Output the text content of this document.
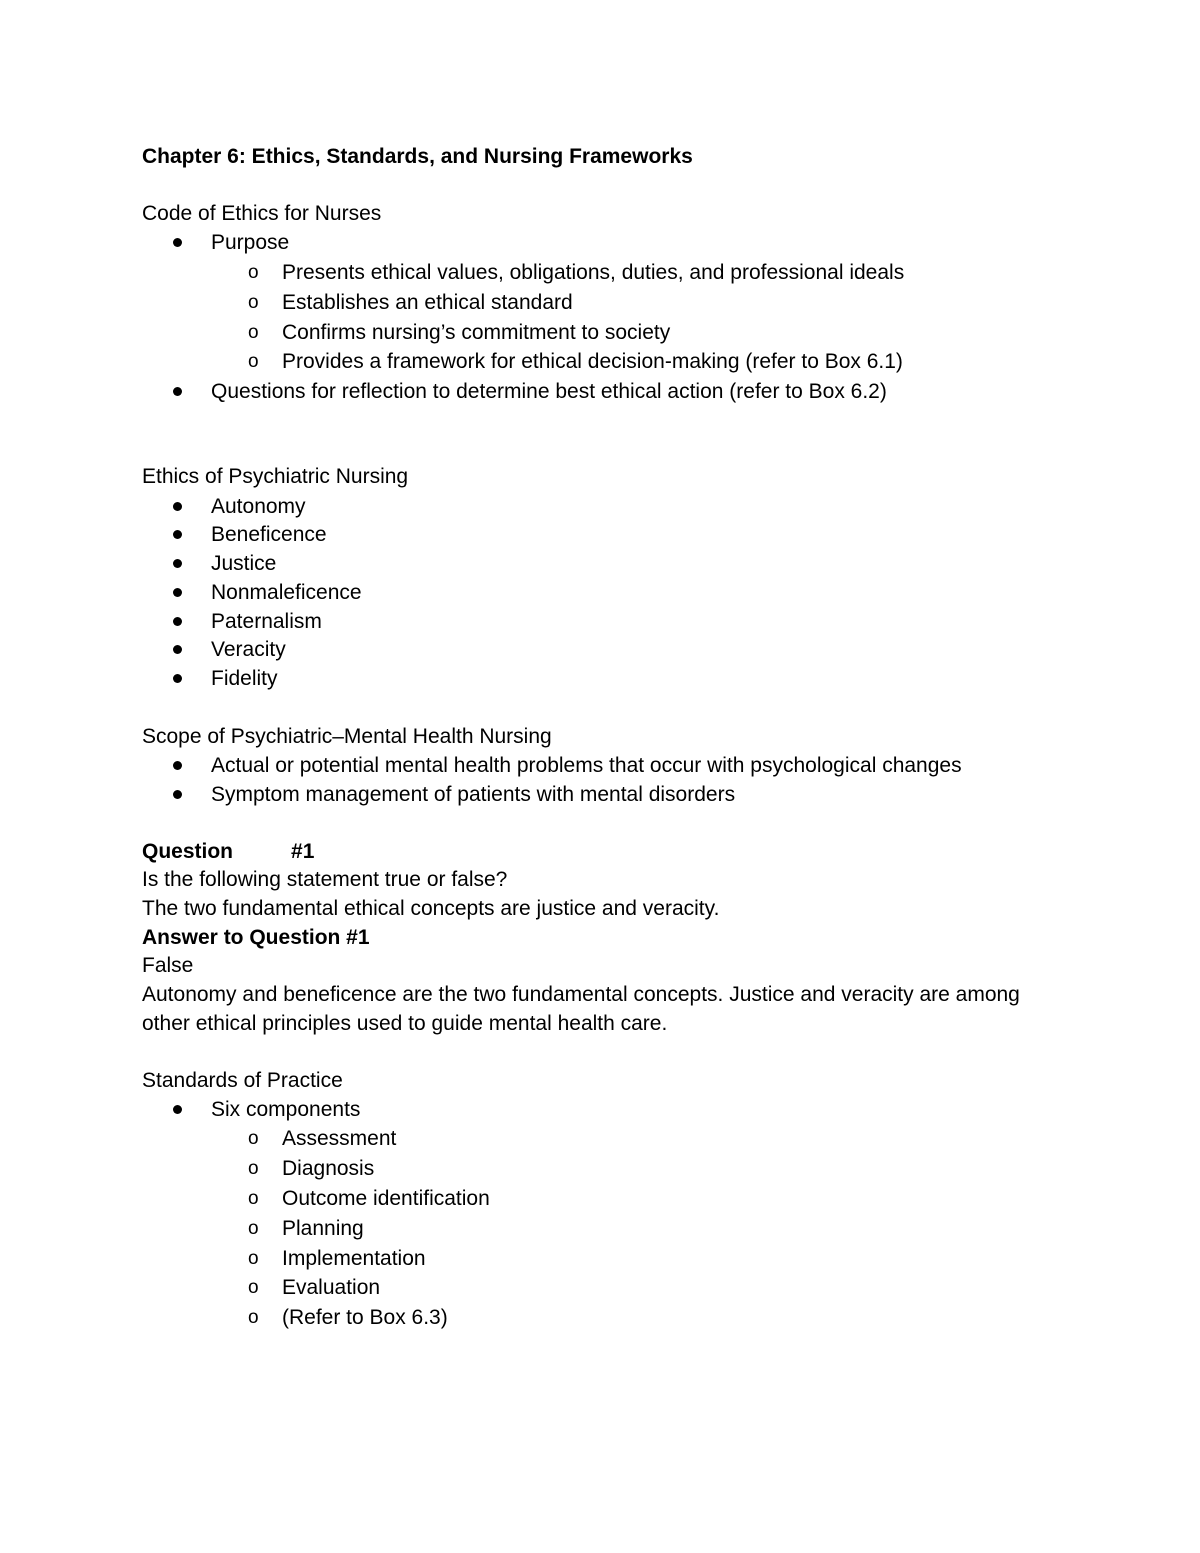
Chapter 6: Ethics, Standards, and Nursing Frameworks
Code of Ethics for Nurses
Purpose
o Presents ethical values, obligations, duties, and professional ideals
o Establishes an ethical standard
o Confirms nursing’s commitment to society
o Provides a framework for ethical decision-making (refer to Box 6.1)
Questions for reflection to determine best ethical action (refer to Box 6.2)
Ethics of Psychiatric Nursing
Autonomy
Beneficence
Justice
Nonmaleficence
Paternalism
Veracity
Fidelity
Scope of Psychiatric–Mental Health Nursing
Actual or potential mental health problems that occur with psychological changes
Symptom management of patients with mental disorders
Question	#1
Is the following statement true or false?
The two fundamental ethical concepts are justice and veracity.
Answer to Question #1
False
Autonomy and beneficence are the two fundamental concepts. Justice and veracity are among
other ethical principles used to guide mental health care.
Standards of Practice
Six components
o Assessment
o Diagnosis
o Outcome identification
o Planning
o Implementation
o Evaluation
o (Refer to Box 6.3)
